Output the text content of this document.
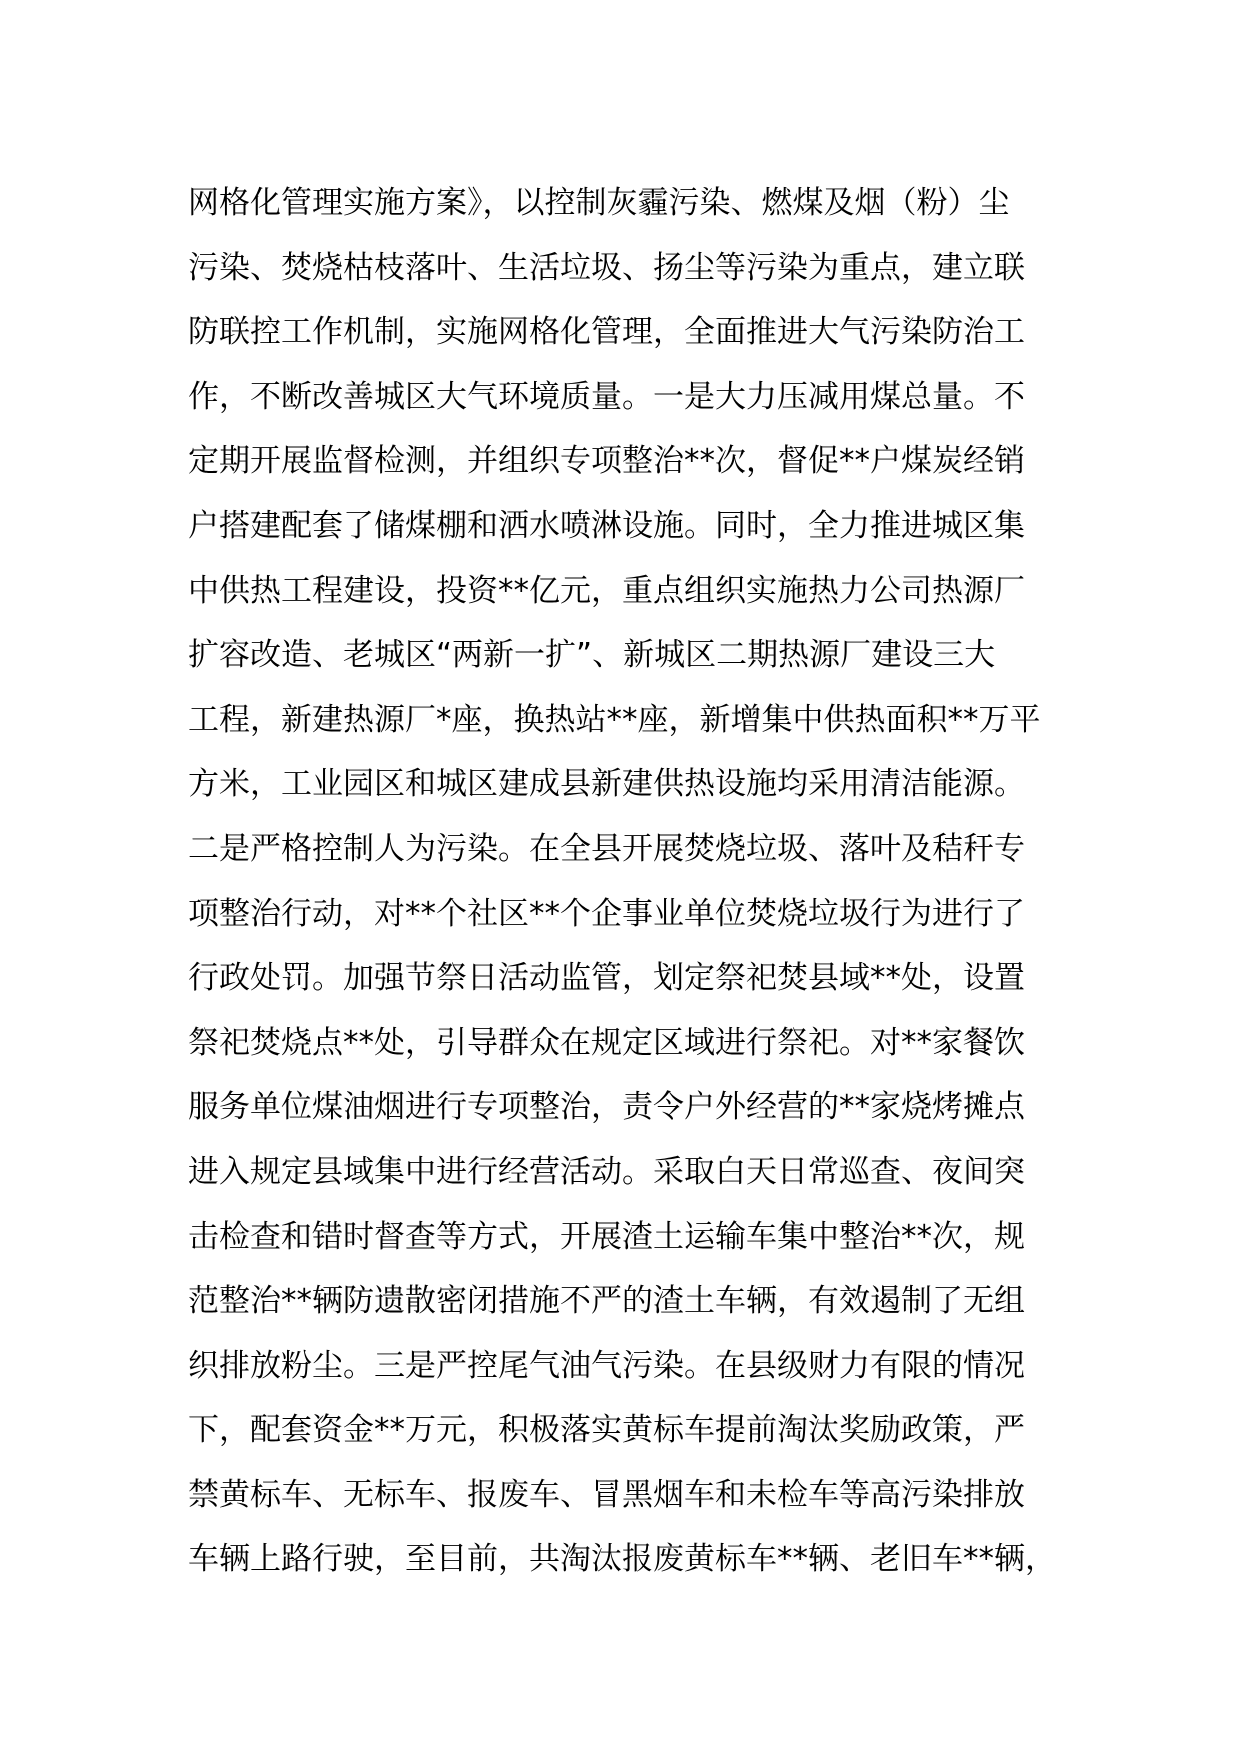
网格化管理实施方案》，以控制灰霾污染、燃煤及烟（粉）尘
污染、焚烧枯枝落叶、生活垃圾、扬尘等污染为重点，建立联
防联控工作机制，实施网格化管理，全面推进大气污染防治工
作，不断改善城区大气环境质量。一是大力压减用煤总量。不
定期开展监督检测，并组织专项整治**次，督促**户煤炭经销
户搭建配套了储煤棚和洒水喷淋设施。同时，全力推进城区集
中供热工程建设，投资**亿元，重点组织实施热力公司热源厂
扩容改造、老城区“两新一扩”、新城区二期热源厂建设三大
工程，新建热源厂*座，换热站**座，新增集中供热面积**万平
方米，工业园区和城区建成县新建供热设施均采用清洁能源。
二是严格控制人为污染。在全县开展焚烧垃圾、落叶及秸秆专
项整治行动，对**个社区**个企事业单位焚烧垃圾行为进行了
行政处罚。加强节祭日活动监管，划定祭祀焚县域**处，设置
祭祀焚烧点**处，引导群众在规定区域进行祭祀。对**家餐饮
服务单位煤油烟进行专项整治，责令户外经营的**家烧烤摊点
进入规定县域集中进行经营活动。采取白天日常巡查、夜间突
击检查和错时督查等方式，开展渣土运输车集中整治**次，规
范整治**辆防遗散密闭措施不严的渣土车辆，有效遏制了无组
织排放粉尘。三是严控尾气油气污染。在县级财力有限的情况
下，配套资金**万元，积极落实黄标车提前淘汰奖励政策，严
禁黄标车、无标车、报废车、冒黑烟车和未检车等高污染排放
车辆上路行驶，至目前，共淘汰报废黄标车**辆、老旧车**辆，
